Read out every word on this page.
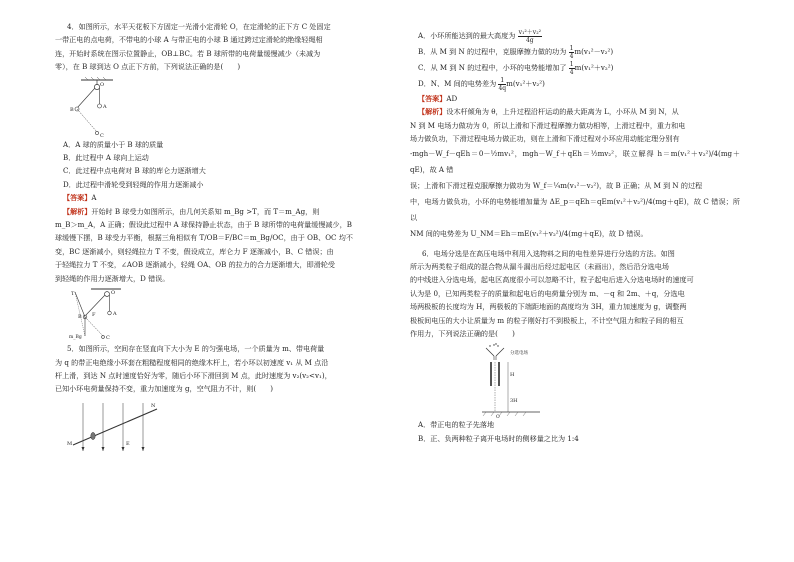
4．如图所示，水平天花板下方固定一光滑小定滑轮 O，在定滑轮的正下方 C 处固定

一带正电的点电荷，不带电的小球 A 与带正电的小球 B 通过跨过定滑轮的绝缘轻绳相

连，开始时系统在图示位置静止，OB⊥BC。若 B 球所带的电荷量缓慢减少（未减为

零），在 B 球到达 O 点正下方前，下列说法正确的是(　　)

O
B	A
C

A．A 球的质量小于 B 球的质量

B．此过程中 A 球向上运动

C．此过程中点电荷对 B 球的库仑力逐渐增大

D．此过程中滑轮受到轻绳的作用力逐渐减小

【答案】A

【解析】开始时 B 球受力如图所示，由几何关系知 m_Bg >T，而 T＝m_Ag，则

m_B＞m_A，A 正确；假设此过程中 A 球保持静止状态，由于 B 球所带的电荷量缓慢减少，B

球缓慢下摆，B 球受力平衡，根据三角相似有 T/OB＝F/BC＝m_Bg/OC，由于 OB、OC 均不

变，BC 逐渐减小，则轻绳拉力 T 不变，假设成立，库仑力 F 逐渐减小，B、C 错误；由

于轻绳拉力 T 不变，∠AOB 逐渐减小，轻绳 OA、OB 的拉力的合力逐渐增大，即滑轮受

到轻绳的作用力逐渐增大，D 错误。

T	O
F
B
m_Bg
A
C

5．如图所示，空间存在竖直向下大小为 E 的匀强电场，一个质量为 m、带电荷量

为 q 的带正电绝缘小环套在粗糙程度相同的绝缘木杆上，若小环以初速度 v₁ 从 M 点沿

杆上滑，到达 N 点时速度恰好为零，随后小环下滑回到 M 点，此时速度为 v₂(v₂<v₁)，

已知小环电荷量保持不变，重力加速度为 g，空气阻力不计，则(　　)

M
N
E

A．小环所能达到的最大高度为 $\frac{\text{v₁²＋v₂²}}{4g}$

B．从 M 到 N 的过程中，克服摩擦力做的功为 $\frac{1}{4} m(v_1^2-v_2^2)$

C．从 M 到 N 的过程中，小环的电势能增加了 $\frac{1}{4} m(v_1^2+v_2^2)$

D．N、M 间的电势差为 $\frac{1}{4q} m(v_1^2+v_2^2)$

【答案】AD

【解析】设木杆倾角为 θ，上升过程沿杆运动的最大距离为 L，小环从 M 到 N，从

N 到 M 电场力做功为 0，所以上滑和下滑过程摩擦力做功相等，上滑过程中，重力和电

场力做负功，下滑过程电场力做正功，则在上滑和下滑过程对小环应用动能定理分别有

-mgh－W_f－qEh＝0－½mv₁²，mgh－W_f＋qEh＝½mv₂²，联立解得 h＝m(v₁²＋v₂²)/4(mg＋qE)，故 A 错

误；上滑和下滑过程克服摩擦力做功为 W_f＝¼m(v₁²－v₂²)，故 B 正确；从 M 到 N 的过程

中，电场力做负功，小环的电势能增加量为 ΔE_p＝qEh＝qEm(v₁²＋v₂²)/4(mg＋qE)，故 C 错误；所以

NM 间的电势差为 U_NM＝Eh＝mE(v₁²＋v₂²)/4(mg＋qE)，故 D 错误。

6．电场分选是在高压电场中利用入选物料之间的电性差异进行分选的方法。如图

所示为两类粒子组成的混合物从漏斗漏出后经过起电区（未画出），然后沿分选电场

的中线进入分选电场，起电区高度很小可以忽略不计，粒子起电后进入分选电场时的速度可

认为是 0，已知两类粒子的质量和起电后的电荷量分别为 m、－q 和 2m、＋q，分选电

场两极板的长度均为 H，两极板的下端距地面的高度均为 3H，重力加速度为 g，调整两

极板间电压的大小让质量为 m 的粒子刚好打不到极板上，不计空气阻力和粒子间的相互

作用力，下列说法正确的是(　　)

分选电场
H
3H
O

A．带正电的粒子先落地

B．正、负两种粒子离开电场时的侧移量之比为 1:4
